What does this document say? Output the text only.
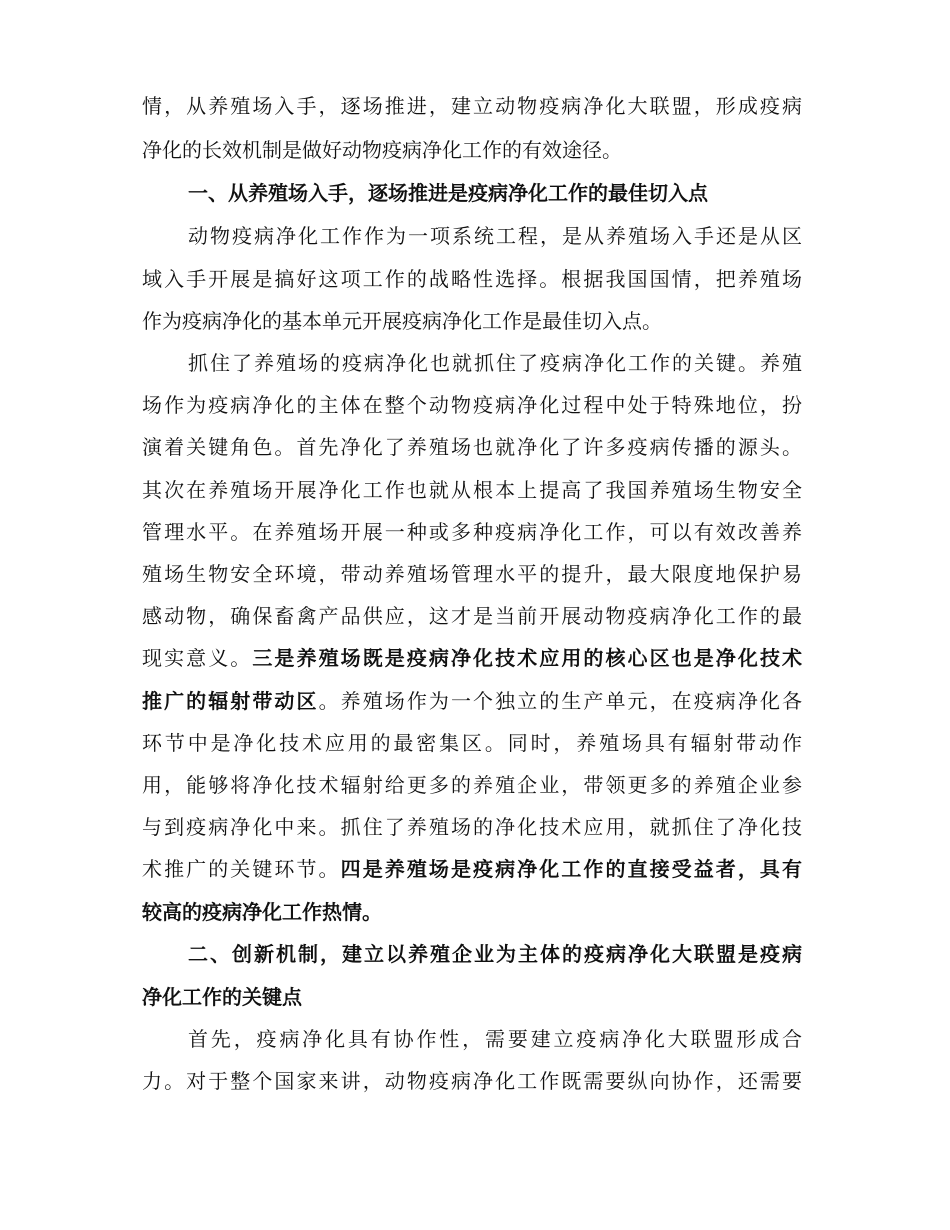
情，从养殖场入手，逐场推进，建立动物疫病净化大联盟，形成疫病
净化的长效机制是做好动物疫病净化工作的有效途径。
一、从养殖场入手，逐场推进是疫病净化工作的最佳切入点
动物疫病净化工作作为一项系统工程，是从养殖场入手还是从区
域入手开展是搞好这项工作的战略性选择。根据我国国情，把养殖场
作为疫病净化的基本单元开展疫病净化工作是最佳切入点。
抓住了养殖场的疫病净化也就抓住了疫病净化工作的关键。养殖
场作为疫病净化的主体在整个动物疫病净化过程中处于特殊地位，扮
演着关键角色。首先净化了养殖场也就净化了许多疫病传播的源头。
其次在养殖场开展净化工作也就从根本上提高了我国养殖场生物安全
管理水平。在养殖场开展一种或多种疫病净化工作，可以有效改善养
殖场生物安全环境，带动养殖场管理水平的提升，最大限度地保护易
感动物，确保畜禽产品供应，这才是当前开展动物疫病净化工作的最
现实意义。三是养殖场既是疫病净化技术应用的核心区也是净化技术
推广的辐射带动区。养殖场作为一个独立的生产单元，在疫病净化各
环节中是净化技术应用的最密集区。同时，养殖场具有辐射带动作
用，能够将净化技术辐射给更多的养殖企业，带领更多的养殖企业参
与到疫病净化中来。抓住了养殖场的净化技术应用，就抓住了净化技
术推广的关键环节。四是养殖场是疫病净化工作的直接受益者，具有
较高的疫病净化工作热情。
二、创新机制，建立以养殖企业为主体的疫病净化大联盟是疫病
净化工作的关键点
首先，疫病净化具有协作性，需要建立疫病净化大联盟形成合
力。对于整个国家来讲，动物疫病净化工作既需要纵向协作，还需要
